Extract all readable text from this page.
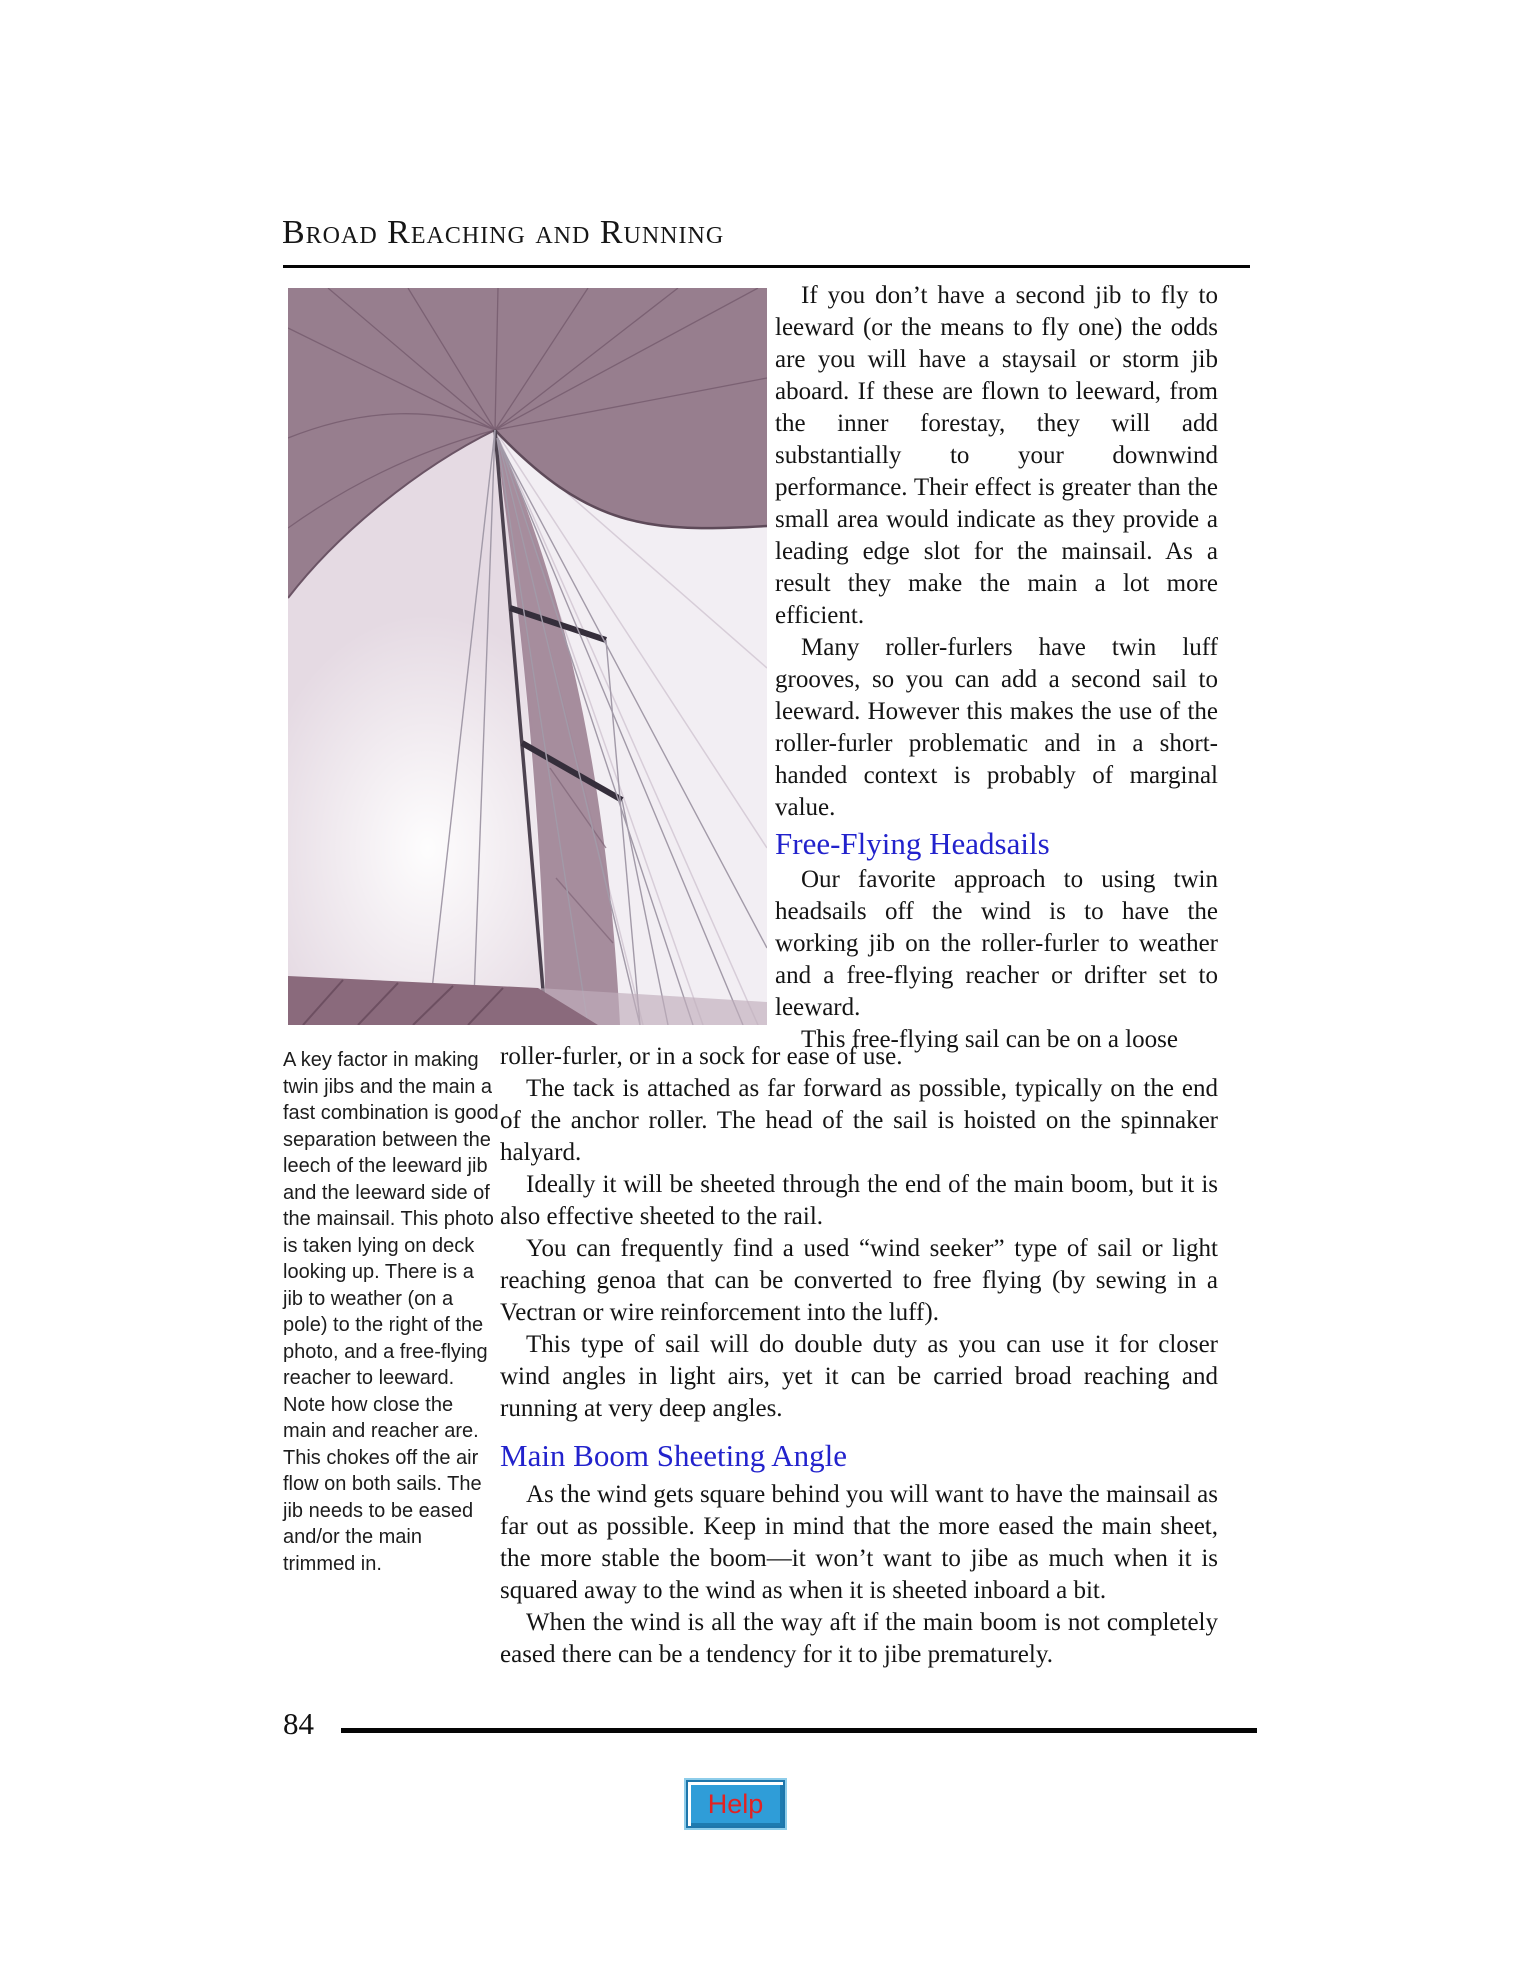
Broad Reaching and Running

If you don’t have a second jib to fly to leeward (or the means to fly one) the odds are you will have a staysail or storm jib aboard. If these are flown to leeward, from the inner forestay, they will add substantially to your downwind performance. Their effect is greater than the small area would indicate as they provide a leading edge slot for the mainsail. As a result they make the main a lot more efficient.

Many roller-furlers have twin luff grooves, so you can add a second sail to leeward. However this makes the use of the roller-furler problematic and in a short-handed context is probably of marginal value.

Free-Flying Headsails

Our favorite approach to using twin headsails off the wind is to have the working jib on the roller-furler to weather and a free-flying reacher or drifter set to leeward.

This free-flying sail can be on a loose

A key factor in making twin jibs and the main a fast combination is good separation between the leech of the leeward jib and the leeward side of the mainsail. This photo is taken lying on deck looking up. There is a jib to weather (on a pole) to the right of the photo, and a free-flying reacher to leeward. Note how close the main and reacher are. This chokes off the air flow on both sails. The jib needs to be eased and/or the main trimmed in.

roller-furler, or in a sock for ease of use.

The tack is attached as far forward as possible, typically on the end of the anchor roller. The head of the sail is hoisted on the spinnaker halyard.

Ideally it will be sheeted through the end of the main boom, but it is also effective sheeted to the rail.

You can frequently find a used “wind seeker” type of sail or light reaching genoa that can be converted to free flying (by sewing in a Vectran or wire reinforcement into the luff).

This type of sail will do double duty as you can use it for closer wind angles in light airs, yet it can be carried broad reaching and running at very deep angles.

Main Boom Sheeting Angle

As the wind gets square behind you will want to have the mainsail as far out as possible. Keep in mind that the more eased the main sheet, the more stable the boom—it won’t want to jibe as much when it is squared away to the wind as when it is sheeted inboard a bit.

When the wind is all the way aft if the main boom is not completely eased there can be a tendency for it to jibe prematurely.

84
Help
